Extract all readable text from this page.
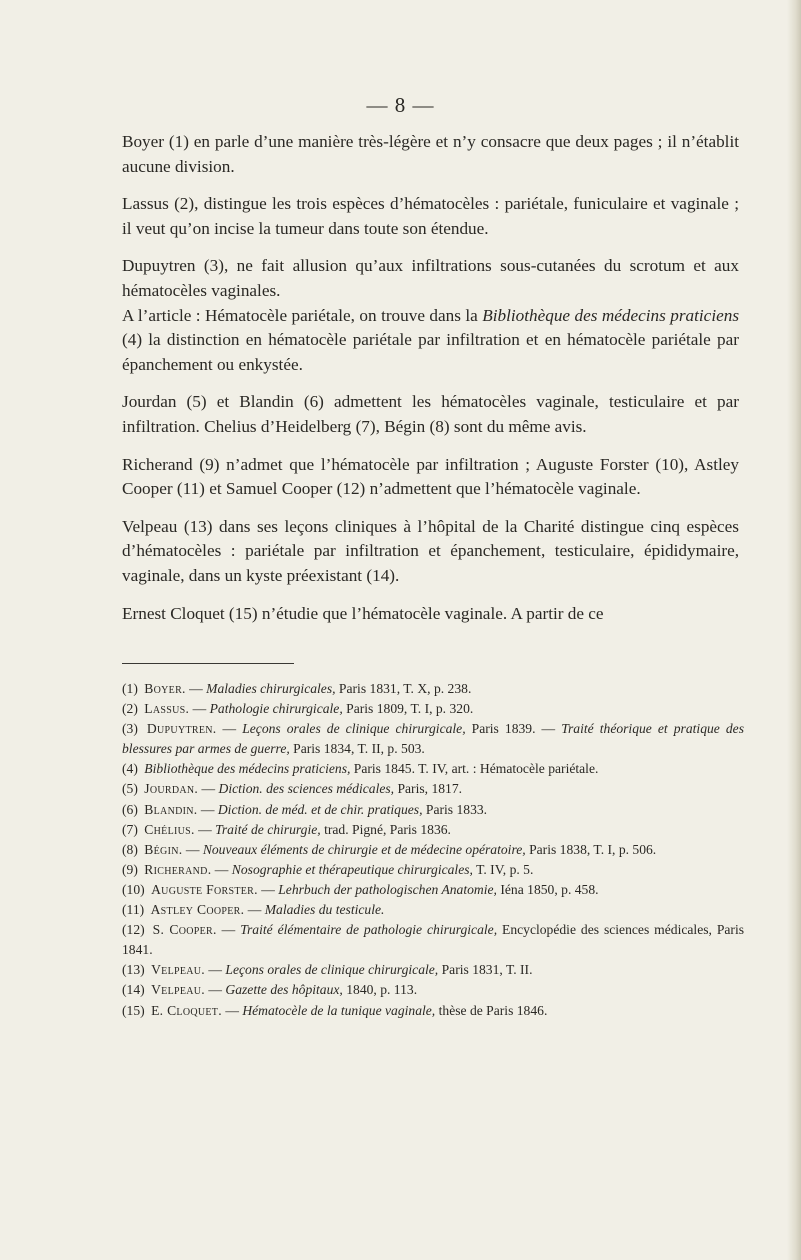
— 8 —

Boyer (1) en parle d’une manière très-légère et n’y consacre que deux pages ; il n’établit aucune division.

Lassus (2), distingue les trois espèces d’hématocèles : pariétale, funiculaire et vaginale ; il veut qu’on incise la tumeur dans toute son étendue.

Dupuytren (3), ne fait allusion qu’aux infiltrations sous-cutanées du scrotum et aux hématocèles vaginales.

A l’article : Hématocèle pariétale, on trouve dans la Bibliothèque des médecins praticiens (4) la distinction en hématocèle pariétale par infiltration et en hématocèle pariétale par épanchement ou enkystée.

Jourdan (5) et Blandin (6) admettent les hématocèles vaginale, testiculaire et par infiltration. Chelius d’Heidelberg (7), Bégin (8) sont du même avis.

Richerand (9) n’admet que l’hématocèle par infiltration ; Auguste Forster (10), Astley Cooper (11) et Samuel Cooper (12) n’admettent que l’hématocèle vaginale.

Velpeau (13) dans ses leçons cliniques à l’hôpital de la Charité distingue cinq espèces d’hématocèles : pariétale par infiltration et épanchement, testiculaire, épididymaire, vaginale, dans un kyste préexistant (14).

Ernest Cloquet (15) n’étudie que l’hématocèle vaginale. A partir de ce

(1) Boyer. — Maladies chirurgicales, Paris 1831, T. X, p. 238.

(2) Lassus. — Pathologie chirurgicale, Paris 1809, T. I, p. 320.

(3) Dupuytren. — Leçons orales de clinique chirurgicale, Paris 1839. — Traité théorique et pratique des blessures par armes de guerre, Paris 1834, T. II, p. 503.

(4) Bibliothèque des médecins praticiens, Paris 1845. T. IV, art. : Hématocèle pariétale.

(5) Jourdan. — Diction. des sciences médicales, Paris, 1817.

(6) Blandin. — Diction. de méd. et de chir. pratiques, Paris 1833.

(7) Chélius. — Traité de chirurgie, trad. Pigné, Paris 1836.

(8) Bégin. — Nouveaux éléments de chirurgie et de médecine opératoire, Paris 1838, T. I, p. 506.

(9) Richerand. — Nosographie et thérapeutique chirurgicales, T. IV, p. 5.

(10) Auguste Forster. — Lehrbuch der pathologischen Anatomie, Iéna 1850, p. 458.

(11) Astley Cooper. — Maladies du testicule.

(12) S. Cooper. — Traité élémentaire de pathologie chirurgicale, Encyclopédie des sciences médicales, Paris 1841.

(13) Velpeau. — Leçons orales de clinique chirurgicale, Paris 1831, T. II.

(14) Velpeau. — Gazette des hôpitaux, 1840, p. 113.

(15) E. Cloquet. — Hématocèle de la tunique vaginale, thèse de Paris 1846.
